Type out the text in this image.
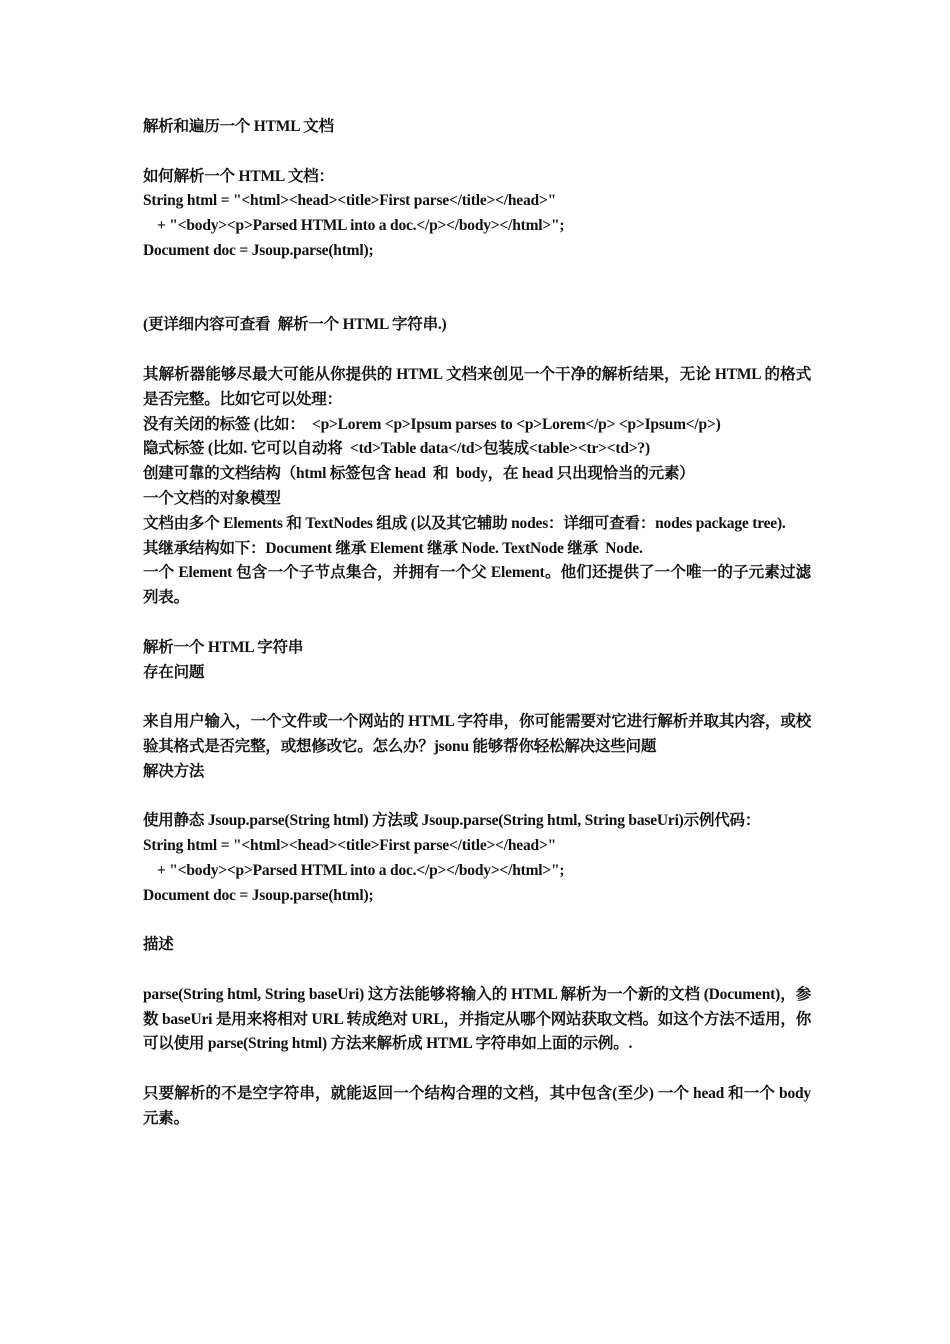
解析和遍历一个 HTML 文档
如何解析一个 HTML 文档：
String html = "<html><head><title>First parse</title></head>"
+ "<body><p>Parsed HTML into a doc.</p></body></html>";
Document doc = Jsoup.parse(html);
(更详细内容可查看  解析一个 HTML 字符串.)
其解析器能够尽最大可能从你提供的 HTML 文档来创见一个干净的解析结果，无论 HTML 的格式是否完整。比如它可以处理：
没有关闭的标签 (比如：  <p>Lorem <p>Ipsum parses to <p>Lorem</p> <p>Ipsum</p>)
隐式标签 (比如. 它可以自动将  <td>Table data</td>包装成<table><tr><td>?)
创建可靠的文档结构（html 标签包含 head  和  body，在 head 只出现恰当的元素）
一个文档的对象模型
文档由多个 Elements 和 TextNodes 组成 (以及其它辅助 nodes：详细可查看：nodes package tree).
其继承结构如下：Document 继承 Element 继承 Node. TextNode 继承  Node.
一个 Element 包含一个子节点集合，并拥有一个父 Element。他们还提供了一个唯一的子元素过滤列表。
解析一个 HTML 字符串
存在问题
来自用户输入，一个文件或一个网站的 HTML 字符串，你可能需要对它进行解析并取其内容，或校验其格式是否完整，或想修改它。怎么办？jsonu 能够帮你轻松解决这些问题
解决方法
使用静态 Jsoup.parse(String html) 方法或 Jsoup.parse(String html, String baseUri)示例代码：
String html = "<html><head><title>First parse</title></head>"
+ "<body><p>Parsed HTML into a doc.</p></body></html>";
Document doc = Jsoup.parse(html);
描述
parse(String html, String baseUri) 这方法能够将输入的 HTML 解析为一个新的文档 (Document)，参数 baseUri 是用来将相对 URL 转成绝对 URL，并指定从哪个网站获取文档。如这个方法不适用，你可以使用 parse(String html) 方法来解析成 HTML 字符串如上面的示例。.
只要解析的不是空字符串，就能返回一个结构合理的文档，其中包含(至少) 一个 head 和一个 body 元素。
